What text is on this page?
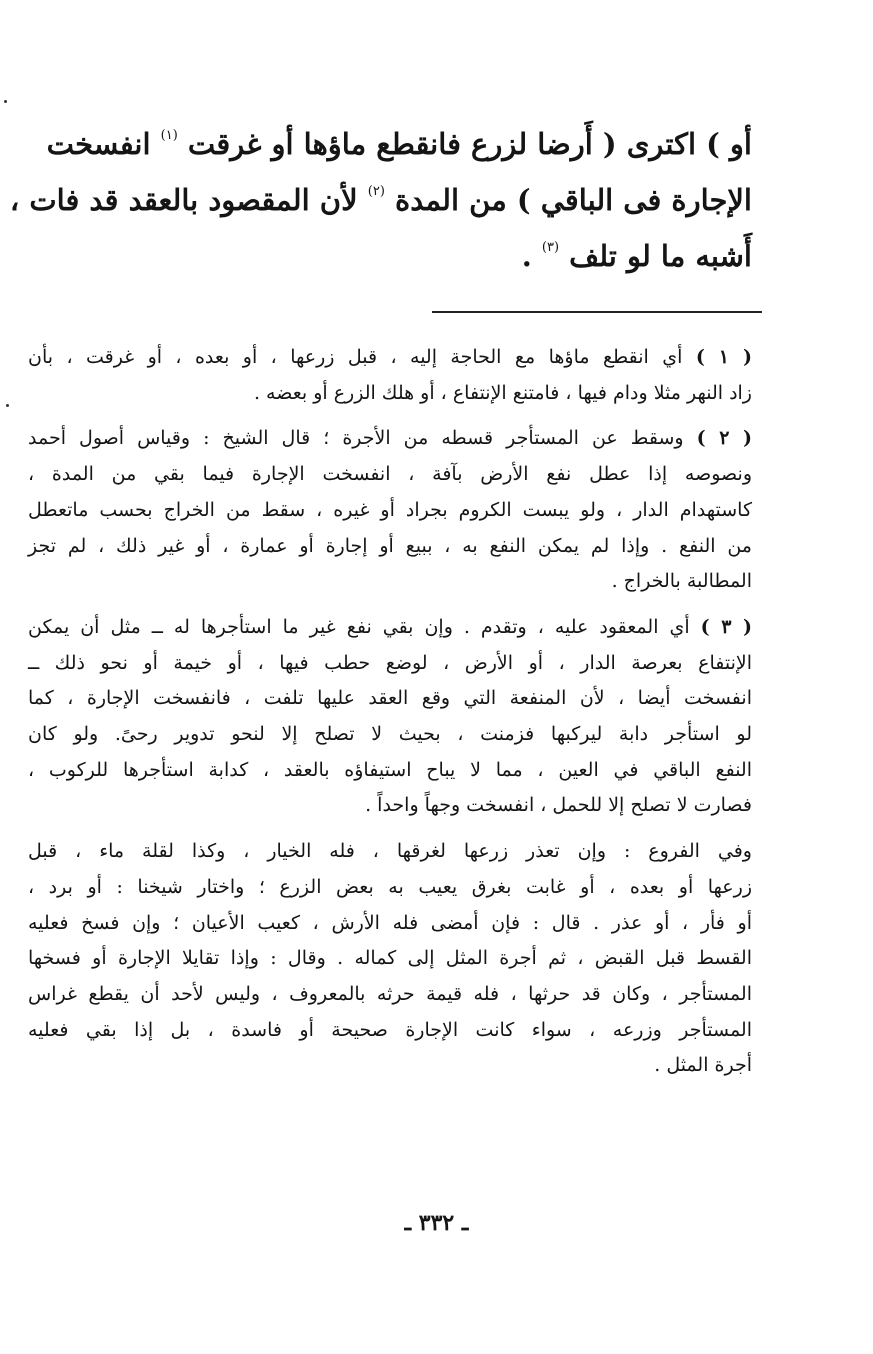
أو ) اكترى ( أَرضا لزرع فانقطع ماؤها أو غرقت $^{(١)}$ انفسخت
الإجارة فى الباقي ) من المدة $^{(٢)}$ لأن المقصود بالعقد قد فات ،
أَشبه ما لو تلف $^{(٣)}$ .
( ١ ) أي انقطع ماؤها مع الحاجة إليه ، قبل زرعها ، أو بعده ، أو غرقت ، بأن
زاد النهر مثلا ودام فيها ، فامتنع الإنتفاع ، أو هلك الزرع أو بعضه .
( ٢ ) وسقط عن المستأجر قسطه من الأجرة ؛ قال الشيخ : وقياس أصول أحمد
ونصوصه إذا عطل نفع الأرض بآفة ، انفسخت الإجارة فيما بقي من المدة ،
كاستهدام الدار ، ولو يبست الكروم بجراد أو غيره ، سقط من الخراج بحسب ماتعطل
من النفع . وإذا لم يمكن النفع به ، ببيع أو إجارة أو عمارة ، أو غير ذلك ، لم تجز
المطالبة بالخراج .
( ٣ ) أي المعقود عليه ، وتقدم . وإن بقي نفع غير ما استأجرها له ــ مثل أن يمكن
الإنتفاع بعرصة الدار ، أو الأرض ، لوضع حطب فيها ، أو خيمة أو نحو ذلك ــ
انفسخت أيضا ، لأن المنفعة التي وقع العقد عليها تلفت ، فانفسخت الإجارة ، كما
لو استأجر دابة ليركبها فزمنت ، بحيث لا تصلح إلا لنحو تدوير رحىً. ولو كان
النفع الباقي في العين ، مما لا يباح استيفاؤه بالعقد ، كدابة استأجرها للركوب ،
فصارت لا تصلح إلا للحمل ، انفسخت وجهاً واحداً .
وفي الفروع : وإن تعذر زرعها لغرقها ، فله الخيار ، وكذا لقلة ماء ، قبل
زرعها أو بعده ، أو غابت بغرق يعيب به بعض الزرع ؛ واختار شيخنا : أو برد ،
أو فأر ، أو عذر . قال : فإن أمضى فله الأرش ، كعيب الأعيان ؛ وإن فسخ فعليه
القسط قبل القبض ، ثم أجرة المثل إلى كماله . وقال : وإذا تقايلا الإجارة أو فسخها
المستأجر ، وكان قد حرثها ، فله قيمة حرثه بالمعروف ، وليس لأحد أن يقطع غراس
المستأجر وزرعه ، سواء كانت الإجارة صحيحة أو فاسدة ، بل إذا بقي فعليه
أجرة المثل .
ـ ٣٣٢ ـ
